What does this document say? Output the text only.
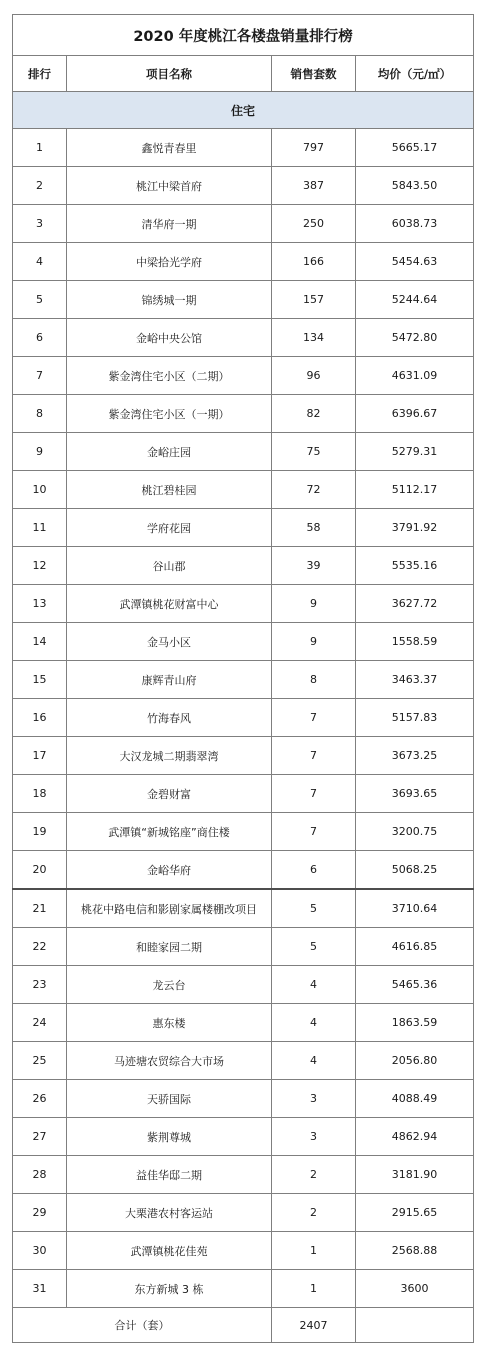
2020 年度桃江各楼盘销量排行榜			
排行	项目名称	销售套数	均价（元/㎡）
住宅			
1	鑫悦青春里	797	5665.17
2	桃江中梁首府	387	5843.50
3	清华府一期	250	6038.73
4	中梁拾光学府	166	5454.63
5	锦绣城一期	157	5244.64
6	金峪中央公馆	134	5472.80
7	紫金湾住宅小区（二期）	96	4631.09
8	紫金湾住宅小区（一期）	82	6396.67
9	金峪庄园	75	5279.31
10	桃江碧桂园	72	5112.17
11	学府花园	58	3791.92
12	谷山郡	39	5535.16
13	武潭镇桃花财富中心	9	3627.72
14	金马小区	9	1558.59
15	康辉青山府	8	3463.37
16	竹海春风	7	5157.83
17	大汉龙城二期翡翠湾	7	3673.25
18	金碧财富	7	3693.65
19	武潭镇“新城铭座”商住楼	7	3200.75
20	金峪华府	6	5068.25
21	桃花中路电信和影剧家属楼棚改项目	5	3710.64
22	和睦家园二期	5	4616.85
23	龙云台	4	5465.36
24	惠东楼	4	1863.59
25	马迹塘农贸综合大市场	4	2056.80
26	天骄国际	3	4088.49
27	紫荆尊城	3	4862.94
28	益佳华邸二期	2	3181.90
29	大栗港农村客运站	2	2915.65
30	武潭镇桃花佳苑	1	2568.88
31	东方新城 3 栋	1	3600
合计（套）		2407	
